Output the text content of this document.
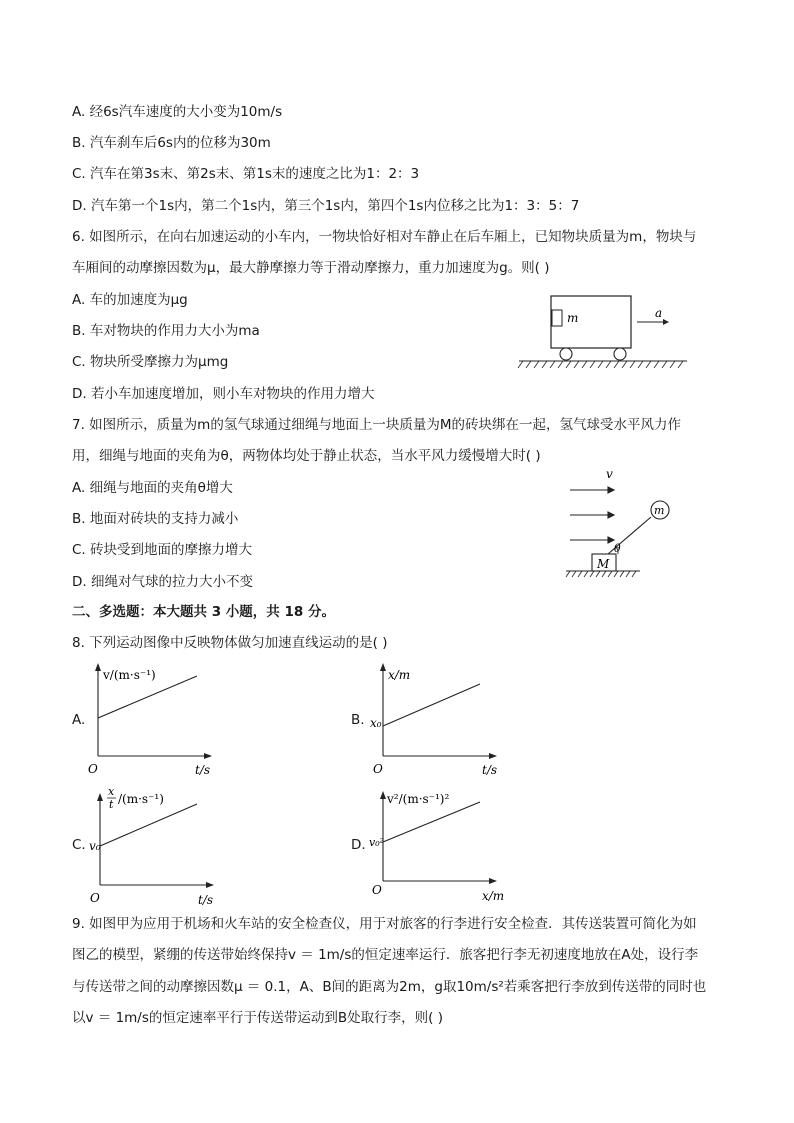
A. 经6s汽车速度的大小变为10m/s
B. 汽车刹车后6s内的位移为30m
C. 汽车在第3s末、第2s末、第1s末的速度之比为1：2：3
D. 汽车第一个1s内，第二个1s内，第三个1s内，第四个1s内位移之比为1：3：5：7
6. 如图所示，在向右加速运动的小车内，一物块恰好相对车静止在后车厢上，已知物块质量为m，物块与
车厢间的动摩擦因数为μ，最大静摩擦力等于滑动摩擦力，重力加速度为g。则( )
A. 车的加速度为μg
B. 车对物块的作用力大小为ma
C. 物块所受摩擦力为μmg
D. 若小车加速度增加，则小车对物块的作用力增大
m	a
7. 如图所示，质量为m的氢气球通过细绳与地面上一块质量为M的砖块绑在一起，氢气球受水平风力作
用，细绳与地面的夹角为θ，两物体均处于静止状态，当水平风力缓慢增大时( )
A. 细绳与地面的夹角θ增大
B. 地面对砖块的支持力减小
C. 砖块受到地面的摩擦力增大
D. 细绳对气球的拉力大小不变
v
M
m
θ
二、多选题：本大题共 3 小题，共 18 分。
8. 下列运动图像中反映物体做匀加速直线运动的是( )
A.
v/(m·s⁻¹)
t/s
O
B.
x/m
x₀
t/s
O
C.
x
t /(m·s⁻¹)
v₀
t/s
O
D.
v²/(m·s⁻¹)²
v₀²
x/m
O
9. 如图甲为应用于机场和火车站的安全检查仪，用于对旅客的行李进行安全检查．其传送装置可简化为如
图乙的模型，紧绷的传送带始终保持v ＝ 1m/s的恒定速率运行．旅客把行李无初速度地放在A处，设行李
与传送带之间的动摩擦因数μ ＝ 0.1，A、B间的距离为2m，g取10m/s²若乘客把行李放到传送带的同时也
以v ＝ 1m/s的恒定速率平行于传送带运动到B处取行李，则( )
